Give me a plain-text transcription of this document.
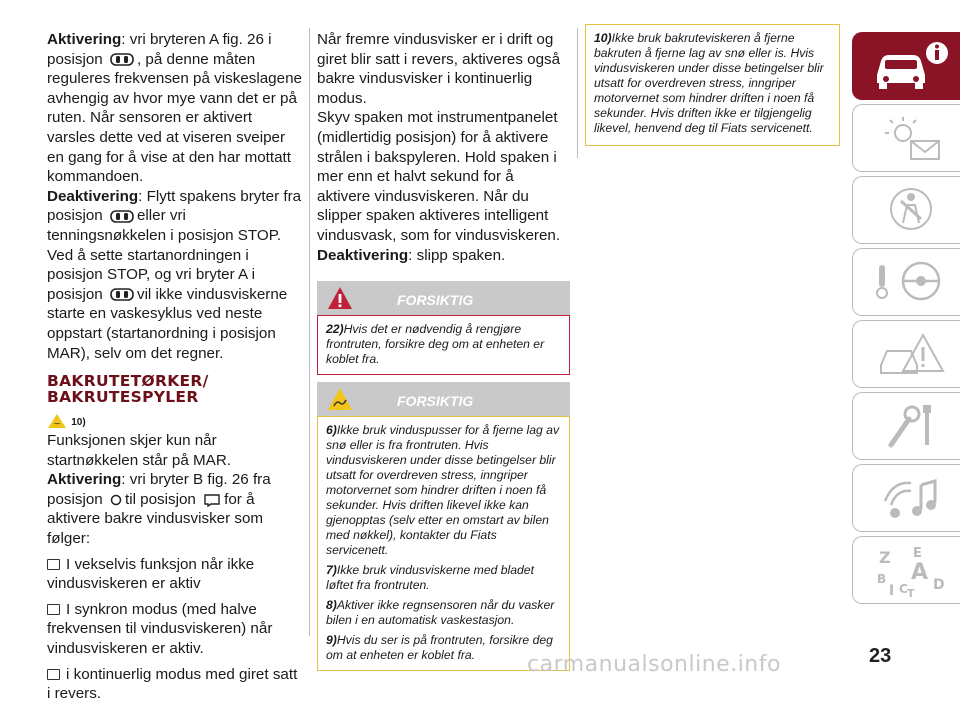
Aktivering: vri bryteren A fig. 26 i posisjon , på denne måten reguleres frekvensen på viskeslagene avhengig av hvor mye vann det er på ruten. Når sensoren er aktivert varsles dette ved at viseren sveiper en gang for å vise at den har mottatt kommandoen.

Deaktivering: Flytt spakens bryter fra posisjon eller vri tenningsnøkkelen i posisjon STOP. Ved å sette startanordningen i posisjon STOP, og vri bryter A i posisjon vil ikke vindusviskerne starte en vaskesyklus ved neste oppstart (startanordning i posisjon MAR), selv om det regner.

BAKRUTETØRKER/
BAKRUTESPYLER
~ 10)

Funksjonen skjer kun når startnøkkelen står på MAR.

Aktivering: vri bryter B fig. 26 fra posisjon til posisjon for å aktivere bakre vindusvisker som følger:

I vekselvis funksjon når ikke vindusviskeren er aktiv

I synkron modus (med halve frekvensen til vindusviskeren) når vindusviskeren er aktiv.

i kontinuerlig modus med giret satt i revers.

Når fremre vindusvisker er i drift og giret blir satt i revers, aktiveres også bakre vindusvisker i kontinuerlig modus.

Skyv spaken mot instrumentpanelet (midlertidig posisjon) for å aktivere strålen i bakspyleren. Hold spaken i mer enn et halvt sekund for å aktivere vindusviskeren. Når du slipper spaken aktiveres intelligent vindusvask, som for vindusviskeren.

Deaktivering: slipp spaken.

FORSIKTIG
22)Hvis det er nødvendig å rengjøre frontruten, forsikre deg om at enheten er koblet fra.
FORSIKTIG

6)Ikke bruk vinduspusser for å fjerne lag av snø eller is fra frontruten. Hvis vindusviskeren under disse betingelser blir utsatt for overdreven stress, inngriper motorvernet som hindrer driften i noen få sekunder. Hvis driften likevel ikke kan gjenopptas (selv etter en omstart av bilen med nøkkel), kontakter du Fiats servicenett.

7)Ikke bruk vindusviskerne med bladet løftet fra frontruten.

8)Aktiver ikke regnsensoren når du vasker bilen i en automatisk vaskestasjon.

9)Hvis du ser is på frontruten, forsikre deg om at enheten er koblet fra.

10)Ikke bruk bakruteviskeren å fjerne bakruten å fjerne lag av snø eller is. Hvis vindusviskeren under disse betingelser blir utsatt for overdreven stress, inngriper motorvernet som hindrer driften i noen få sekunder. Hvis driften ikke er tilgjengelig likevel, henvend deg til Fiats servicenett.
Z E
B A
I C T
D
23
carmanualsonline.info
